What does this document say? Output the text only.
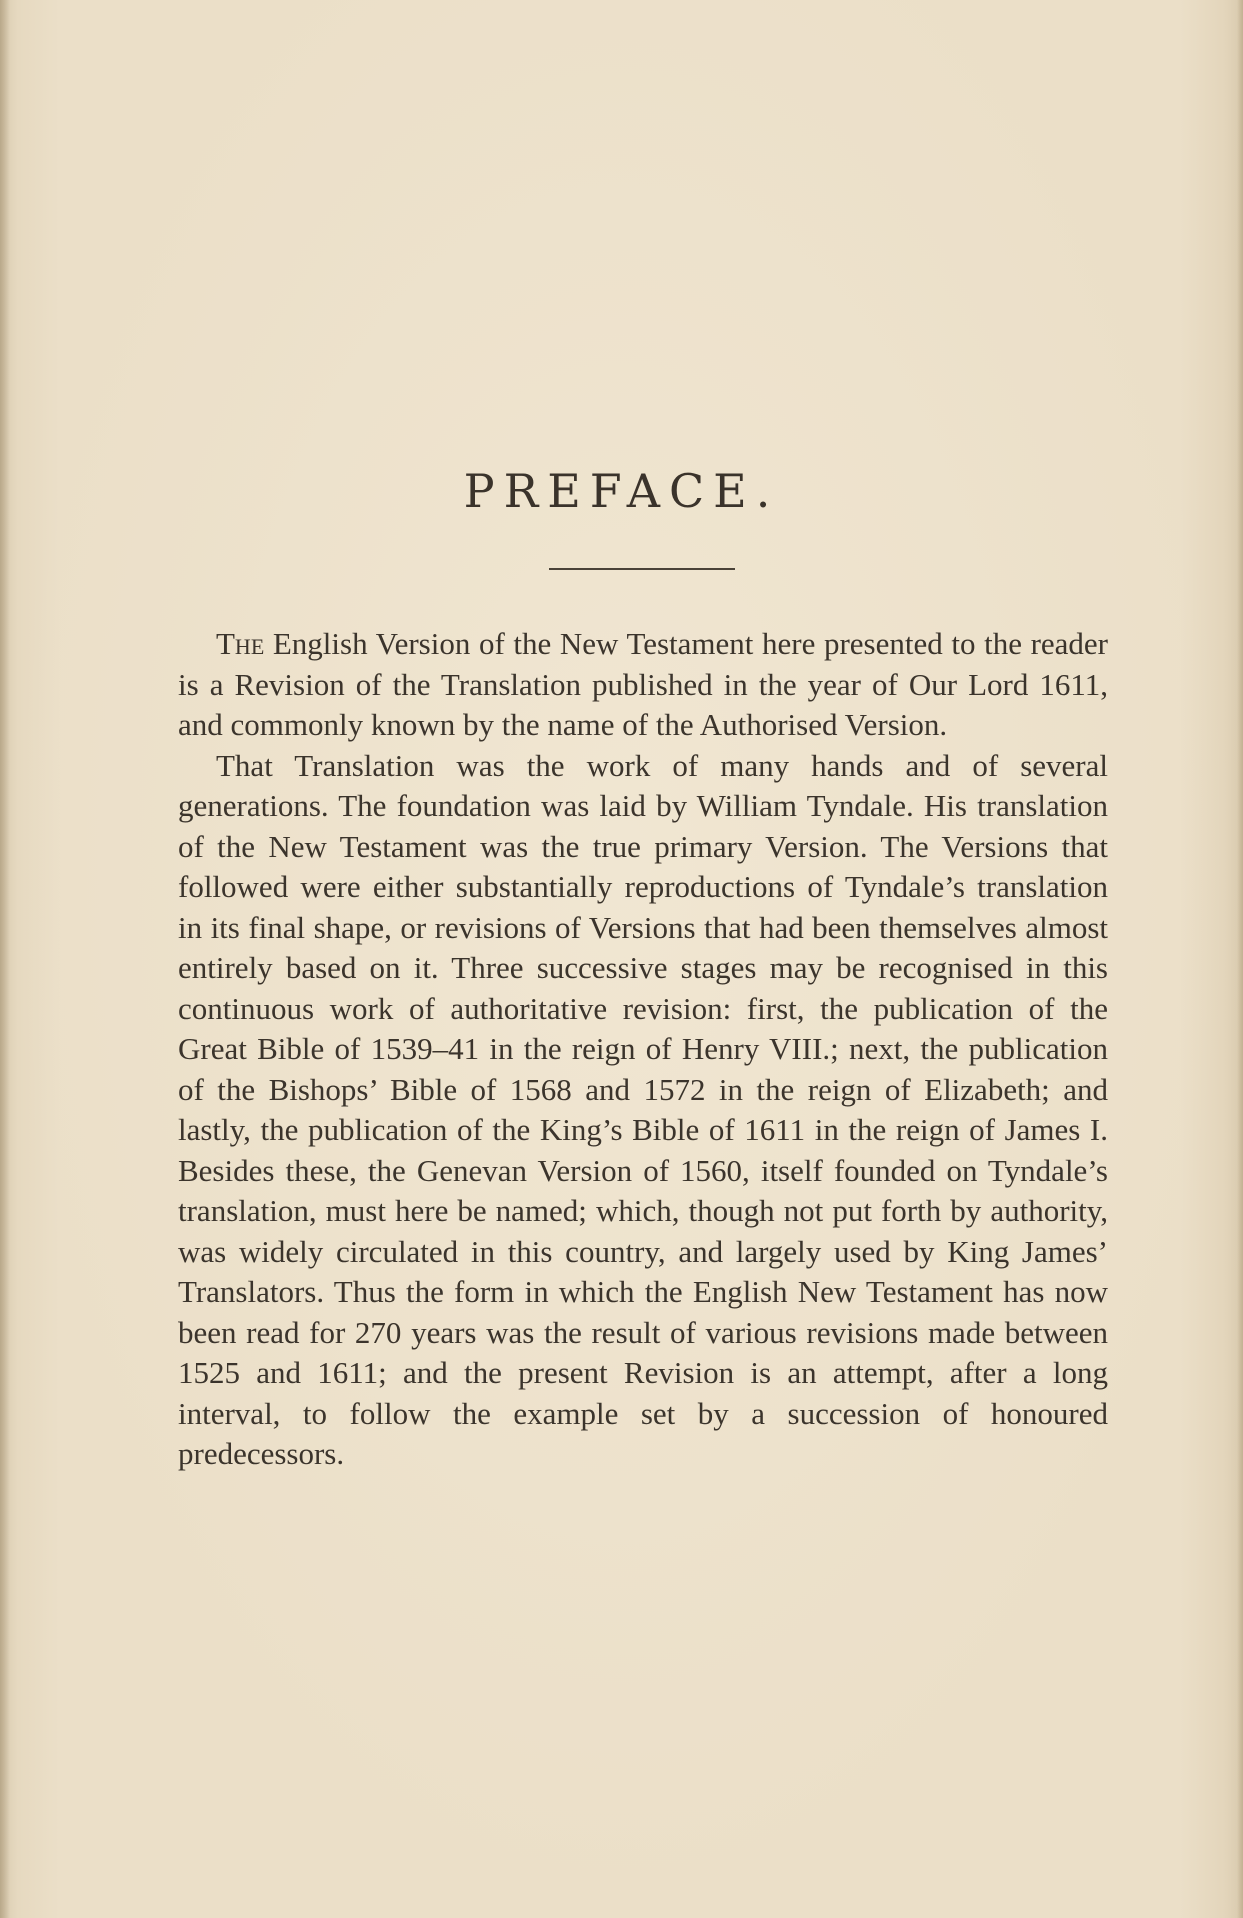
PREFACE.

The English Version of the New Testament here presented to the reader is a Revision of the Translation published in the year of Our Lord 1611, and commonly known by the name of the Authorised Version.

That Translation was the work of many hands and of several generations. The foundation was laid by William Tyndale. His translation of the New Testament was the true primary Version. The Versions that followed were either substantially reproductions of Tyndale’s translation in its final shape, or revisions of Versions that had been themselves almost entirely based on it. Three successive stages may be recognised in this continuous work of authoritative revision: first, the publication of the Great Bible of 1539–41 in the reign of Henry VIII.; next, the publication of the Bishops’ Bible of 1568 and 1572 in the reign of Elizabeth; and lastly, the publication of the King’s Bible of 1611 in the reign of James I. Besides these, the Genevan Version of 1560, itself founded on Tyndale’s translation, must here be named; which, though not put forth by authority, was widely circulated in this country, and largely used by King James’ Translators. Thus the form in which the English New Testament has now been read for 270 years was the result of various revisions made between 1525 and 1611; and the present Revision is an attempt, after a long interval, to follow the example set by a succession of honoured predecessors.
